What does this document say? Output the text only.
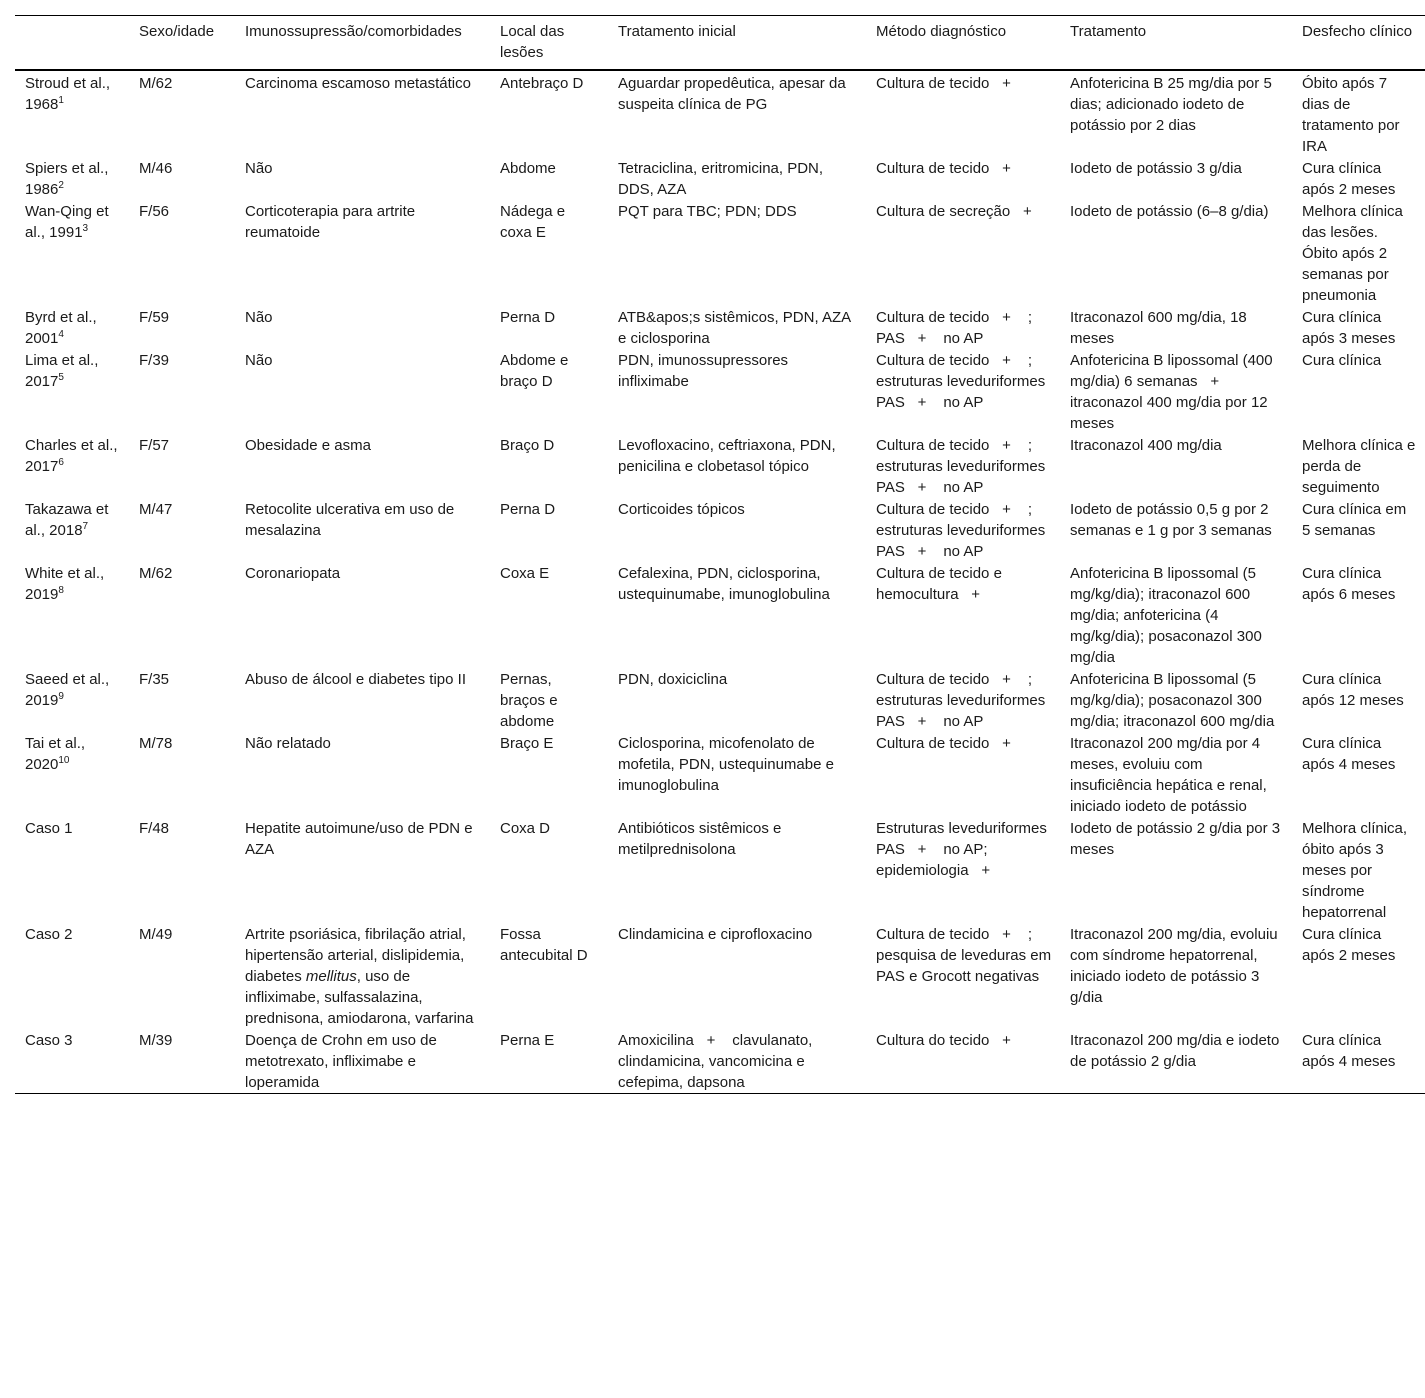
	Sexo/idade	Imunossupressão/comorbidades	Local das lesões	Tratamento inicial	Método diagnóstico	Tratamento	Desfecho clínico
Stroud et al., 1968$^1$	M/62	Carcinoma escamoso metastático	Antebraço D	Aguardar propedêutica, apesar da suspeita clínica de PG	Cultura de tecido +	Anfotericina B 25 mg/dia por 5 dias; adicionado iodeto de potássio por 2 dias	Óbito após 7 dias de tratamento por IRA
Spiers et al., 1986$^2$	M/46	Não	Abdome	Tetraciclina, eritromicina, PDN, DDS, AZA	Cultura de tecido +	Iodeto de potássio 3 g/dia	Cura clínica após 2 meses
Wan-Qing et al., 1991$^3$	F/56	Corticoterapia para artrite reumatoide	Nádega e coxa E	PQT para TBC; PDN; DDS	Cultura de secreção +	Iodeto de potássio (6–8 g/dia)	Melhora clínica das lesões. Óbito após 2 semanas por pneumonia
Byrd et al., 2001$^4$	F/59	Não	Perna D	ATB&apos;s sistêmicos, PDN, AZA e ciclosporina	Cultura de tecido + ; PAS + no AP	Itraconazol 600 mg/dia, 18 meses	Cura clínica após 3 meses
Lima et al., 2017$^5$	F/39	Não	Abdome e braço D	PDN, imunossupressores infliximabe	Cultura de tecido + ; estruturas leveduriformes PAS + no AP	Anfotericina B lipossomal (400 mg/dia) 6 semanas + itraconazol 400 mg/dia por 12 meses	Cura clínica
Charles et al., 2017$^6$	F/57	Obesidade e asma	Braço D	Levofloxacino, ceftriaxona, PDN, penicilina e clobetasol tópico	Cultura de tecido + ; estruturas leveduriformes PAS + no AP	Itraconazol 400 mg/dia	Melhora clínica e perda de seguimento
Takazawa et al., 2018$^7$	M/47	Retocolite ulcerativa em uso de mesalazina	Perna D	Corticoides tópicos	Cultura de tecido + ; estruturas leveduriformes PAS + no AP	Iodeto de potássio 0,5 g por 2 semanas e 1 g por 3 semanas	Cura clínica em 5 semanas
White et al., 2019$^8$	M/62	Coronariopata	Coxa E	Cefalexina, PDN, ciclosporina, ustequinumabe, imunoglobulina	Cultura de tecido e hemocultura +	Anfotericina B lipossomal (5 mg/kg/dia); itraconazol 600 mg/dia; anfotericina (4 mg/kg/dia); posaconazol 300 mg/dia	Cura clínica após 6 meses
Saeed et al., 2019$^9$	F/35	Abuso de álcool e diabetes tipo II	Pernas, braços e abdome	PDN, doxiciclina	Cultura de tecido + ; estruturas leveduriformes PAS + no AP	Anfotericina B lipossomal (5 mg/kg/dia); posaconazol 300 mg/dia; itraconazol 600 mg/dia	Cura clínica após 12 meses
Tai et al., 2020$^{10}$	M/78	Não relatado	Braço E	Ciclosporina, micofenolato de mofetila, PDN, ustequinumabe e imunoglobulina	Cultura de tecido +	Itraconazol 200 mg/dia por 4 meses, evoluiu com insuficiência hepática e renal, iniciado iodeto de potássio	Cura clínica após 4 meses
Caso 1	F/48	Hepatite autoimune/uso de PDN e AZA	Coxa D	Antibióticos sistêmicos e metilprednisolona	Estruturas leveduriformes PAS + no AP; epidemiologia +	Iodeto de potássio 2 g/dia por 3 meses	Melhora clínica, óbito após 3 meses por síndrome hepatorrenal
Caso 2	M/49	Artrite psoriásica, fibrilação atrial, hipertensão arterial, dislipidemia, diabetes mellitus, uso de infliximabe, sulfassalazina, prednisona, amiodarona, varfarina	Fossa antecubital D	Clindamicina e ciprofloxacino	Cultura de tecido + ; pesquisa de leveduras em PAS e Grocott negativas	Itraconazol 200 mg/dia, evoluiu com síndrome hepatorrenal, iniciado iodeto de potássio 3 g/dia	Cura clínica após 2 meses
Caso 3	M/39	Doença de Crohn em uso de metotrexato, infliximabe e loperamida	Perna E	Amoxicilina + clavulanato, clindamicina, vancomicina e cefepima, dapsona	Cultura do tecido +	Itraconazol 200 mg/dia e iodeto de potássio 2 g/dia	Cura clínica após 4 meses
